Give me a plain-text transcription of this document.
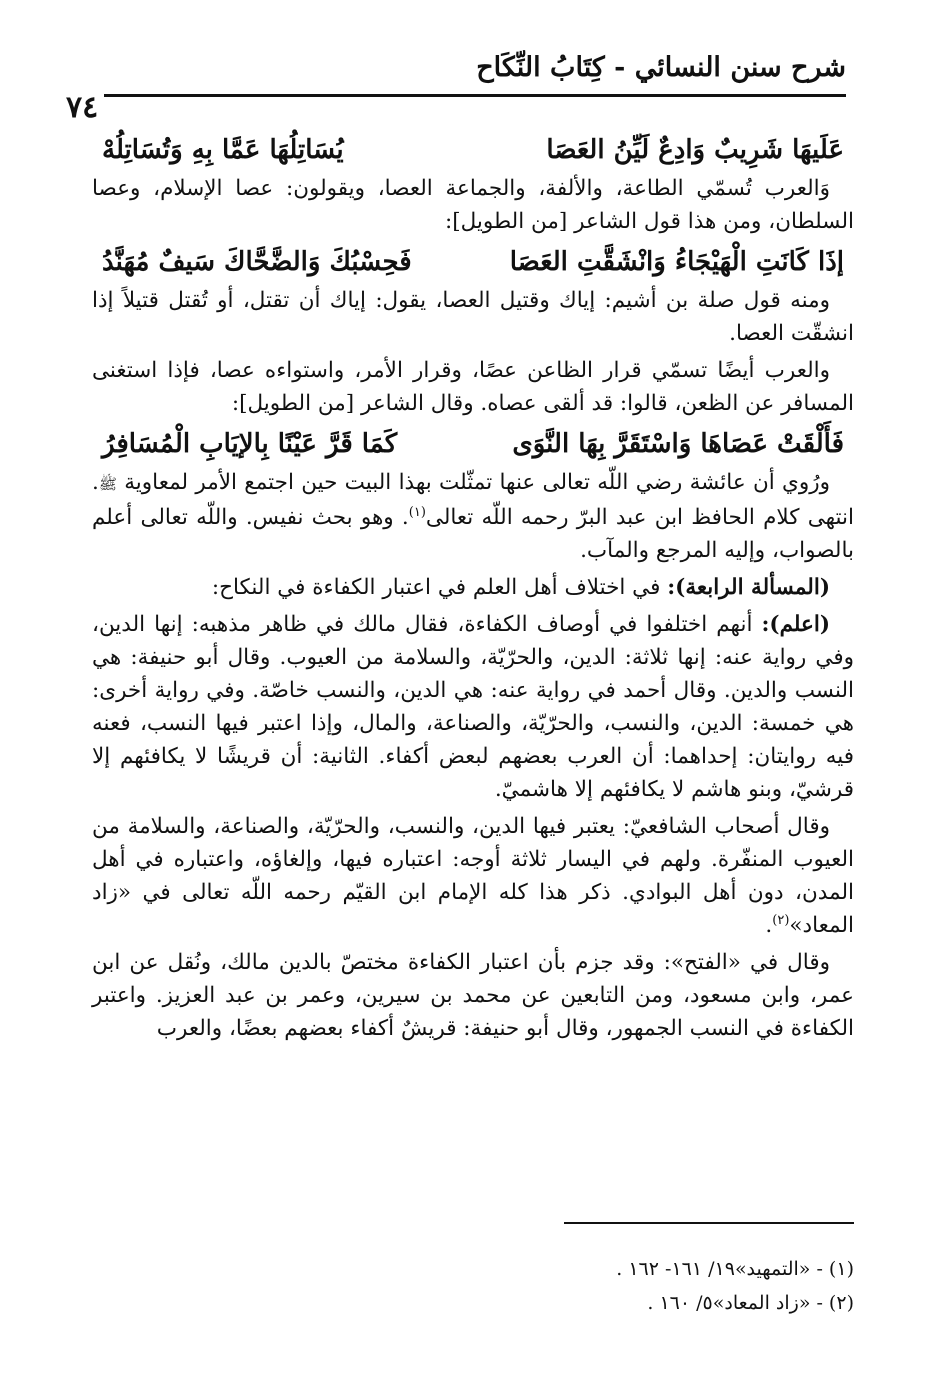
شرح سنن النسائي - كِتَابُ النِّكَاح
٧٤
عَلَيهَا شَرِيبٌ وَادِعٌ لَيِّنُ العَصَا
يُسَاتِلُهَا عَمَّا بِهِ وَتُسَاتِلُهْ

وَالعرب تُسمّي الطاعة، والألفة، والجماعة العصا، ويقولون: عصا الإسلام، وعصا السلطان، ومن هذا قول الشاعر [من الطويل]:

إذَا كَانَتِ الْهَيْجَاءُ وَانْشَقَّتِ العَصَا
فَحِسْبُكَ وَالضَّحَّاكَ سَيفٌ مُهَنَّدُ

ومنه قول صلة بن أشيم: إياك وقتيل العصا، يقول: إياك أن تقتل، أو تُقتل قتيلاً إذا انشقّت العصا.

والعرب أيضًا تسمّي قرار الظاعن عصًا، وقرار الأمر، واستواءه عصا، فإذا استغنى المسافر عن الظعن، قالوا: قد ألقى عصاه. وقال الشاعر [من الطويل]:

فَأَلْقَتْ عَصَاهَا وَاسْتَقَرَّ بِهَا النَّوَى
كَمَا قَرَّ عَيْنًا بِالإيَابِ الْمُسَافِرُ

ورُوي أن عائشة رضي اللّه تعالى عنها تمثّلت بهذا البيت حين اجتمع الأمر لمعاوية ﷺ. انتهى كلام الحافظ ابن عبد البرّ رحمه اللّه تعالى$^{(١)}$. وهو بحث نفيس. واللّه تعالى أعلم بالصواب، وإليه المرجع والمآب.

(المسألة الرابعة): في اختلاف أهل العلم في اعتبار الكفاءة في النكاح:

(اعلم): أنهم اختلفوا في أوصاف الكفاءة، فقال مالك في ظاهر مذهبه: إنها الدين، وفي رواية عنه: إنها ثلاثة: الدين، والحرّيّة، والسلامة من العيوب. وقال أبو حنيفة: هي النسب والدين. وقال أحمد في رواية عنه: هي الدين، والنسب خاصّة. وفي رواية أخرى: هي خمسة: الدين، والنسب، والحرّيّة، والصناعة، والمال، وإذا اعتبر فيها النسب، فعنه فيه روايتان: إحداهما: أن العرب بعضهم لبعض أكفاء. الثانية: أن قريشًا لا يكافئهم إلا قرشيّ، وبنو هاشم لا يكافئهم إلا هاشميّ.

وقال أصحاب الشافعيّ: يعتبر فيها الدين، والنسب، والحرّيّة، والصناعة، والسلامة من العيوب المنفّرة. ولهم في اليسار ثلاثة أوجه: اعتباره فيها، وإلغاؤه، واعتباره في أهل المدن، دون أهل البوادي. ذكر هذا كله الإمام ابن القيّم رحمه اللّه تعالى في «زاد المعاد»$^{(٢)}$.

وقال في «الفتح»: وقد جزم بأن اعتبار الكفاءة مختصّ بالدين مالك، ونُقل عن ابن عمر، وابن مسعود، ومن التابعين عن محمد بن سيرين، وعمر بن عبد العزيز. واعتبر الكفاءة في النسب الجمهور، وقال أبو حنيفة: قريشٌ أكفاء بعضهم بعضًا، والعرب

(١) - «التمهيد»١٩/ ١٦١- ١٦٢ .
(٢) - «زاد المعاد»٥/ ١٦٠ .
